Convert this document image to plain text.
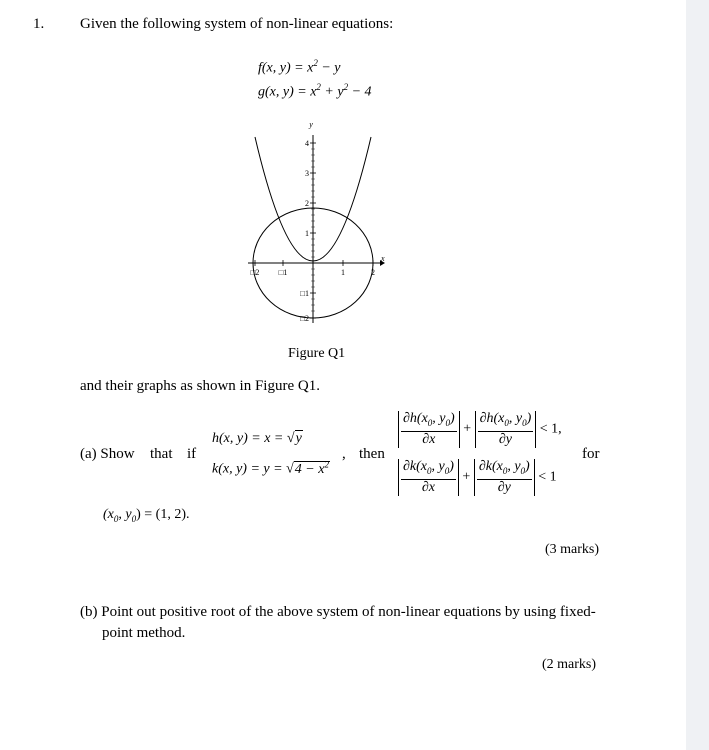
1. Given the following system of non-linear equations:
f(x, $y) = x^2 - y$
g(x, $y) = x^2 + y^2 - 4$
y
x
4
3
2
1
1	2
□2 □1
□1
□2
Figure Q1
and their graphs as shown in Figure Q1.
(a) Show that if
h(x, y) = x = √y
k(x, $y) = y = √4 - x^2$
, then
$\frac{\partial h(x_0, y_0)}{\partial x} + \frac{\partial h(x_0, y_0)}{\partial y} < 1$,
$\frac{\partial k(x_0, y_0)}{\partial x} + \frac{\partial k(x_0, y_0)}{\partial y} < 1$
for
($x_0$, $y_0) = (1$, 2).
(3 marks)
(b) Point out positive root of the above system of non-linear equations by using fixed-
point method.
(2 marks)
